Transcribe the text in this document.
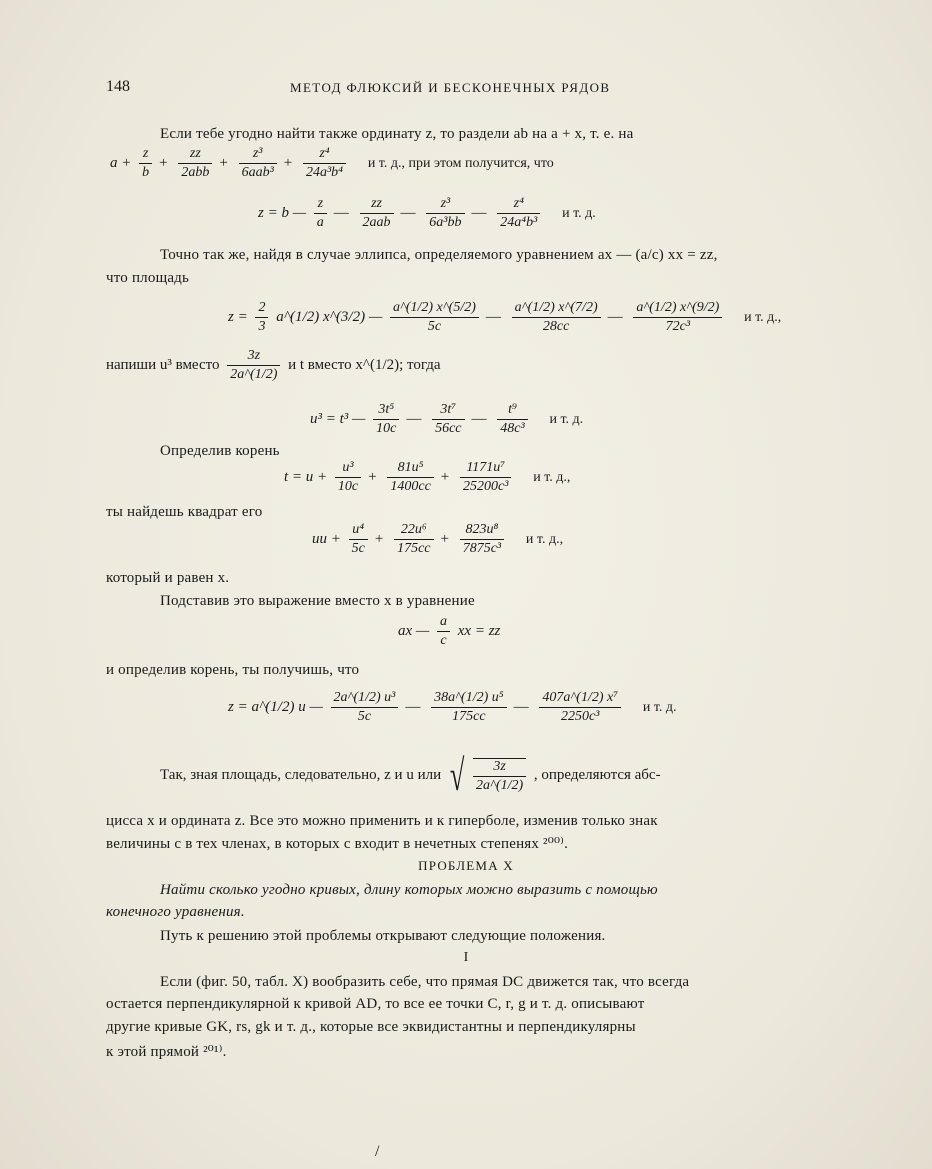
148	МЕТОД ФЛЮКСИЙ И БЕСКОНЕЧНЫХ РЯДОВ
Если тебе угодно найти также ординату z, то раздели ab на a + x, т. е. на
$a + \frac{z}{b} + \frac{zz}{\text{2abb}} + \frac{\text{z³}}{\text{6aab³}} + \frac{\text{z⁴}}{\text{24a³b⁴}}$ и т. д., при этом получится, что
z = b — $\frac{z}{a}$ — $\frac{zz}{\text{2aab}}$ — $\frac{\text{z³}}{\text{6a³bb}}$ — $\frac{\text{z⁴}}{\text{24a⁴b³}}$ и т. д.
Точно так же, найдя в случае эллипса, определяемого уравнением ax — (a/c) xx = zz,
что площадь
$z = \frac{2}{3}$ a^(1/2) x^(3/2) — $\frac{a\^{}(1/2) x\^{}(5/2)}{5c}$ — $\frac{a\^{}(1/2) x\^{}(7/2)}{28cc}$ — $\frac{a\^{}(1/2) x\^{}(9/2)}{\text{72c³}}$ и т. д.,
напиши u³ вместо $\frac{3z}{2a\^{}(1/2)}$ и t вместо x^(1/2); тогда
u³ = t³ — $\frac{\text{3t⁵}}{10c}$ — $\frac{\text{3t⁷}}{56cc}$ — $\frac{\text{t⁹}}{\text{48c³}}$ и т. д.
Определив корень
$t = u + \frac{\text{u³}}{10c} + \frac{\text{81u⁵}}{1400cc} + \frac{\text{1171u⁷}}{\text{25200c³}}$ и т. д.,
ты найдешь квадрат его
uu + $\frac{\text{u⁴}}{5c} + \frac{\text{22u⁶}}{175cc} + \frac{\text{823u⁸}}{\text{7875c³}}$ и т. д.,
который и равен x.
Подставив это выражение вместо x в уравнение
ax — $\frac{a}{c}$ xx = zz
и определив корень, ты получишь, что
z = a^(1/2) u — $\frac{\text{2a\textasciicircum{}(1/2) u³}}{5c}$ — $\frac{\text{38a\textasciicircum{}(1/2) u⁵}}{175cc}$ — $\frac{\text{407a\textasciicircum{}(1/2) x⁷}}{\text{2250c³}}$ и т. д.
Так, зная площадь, следовательно, z и u или √ $\frac{3z}{2a\^{}(1/2)}$ , определяются абс-
цисса x и ордината z. Все это можно применить и к гиперболе, изменив только знак
величины c в тех членах, в которых c входит в нечетных степенях ²⁰⁰⁾.
ПРОБЛЕМА X
Найти сколько угодно кривых, длину которых можно выразить с помощью
конечного уравнения.
Путь к решению этой проблемы открывают следующие положения.
I
Если (фиг. 50, табл. X) вообразить себе, что прямая DC движется так, что всегда
остается перпендикулярной к кривой AD, то все ее точки C, r, g и т. д. описывают
другие кривые GK, rs, gk и т. д., которые все эквидистантны и перпендикулярны
к этой прямой ²⁰¹⁾.
/
